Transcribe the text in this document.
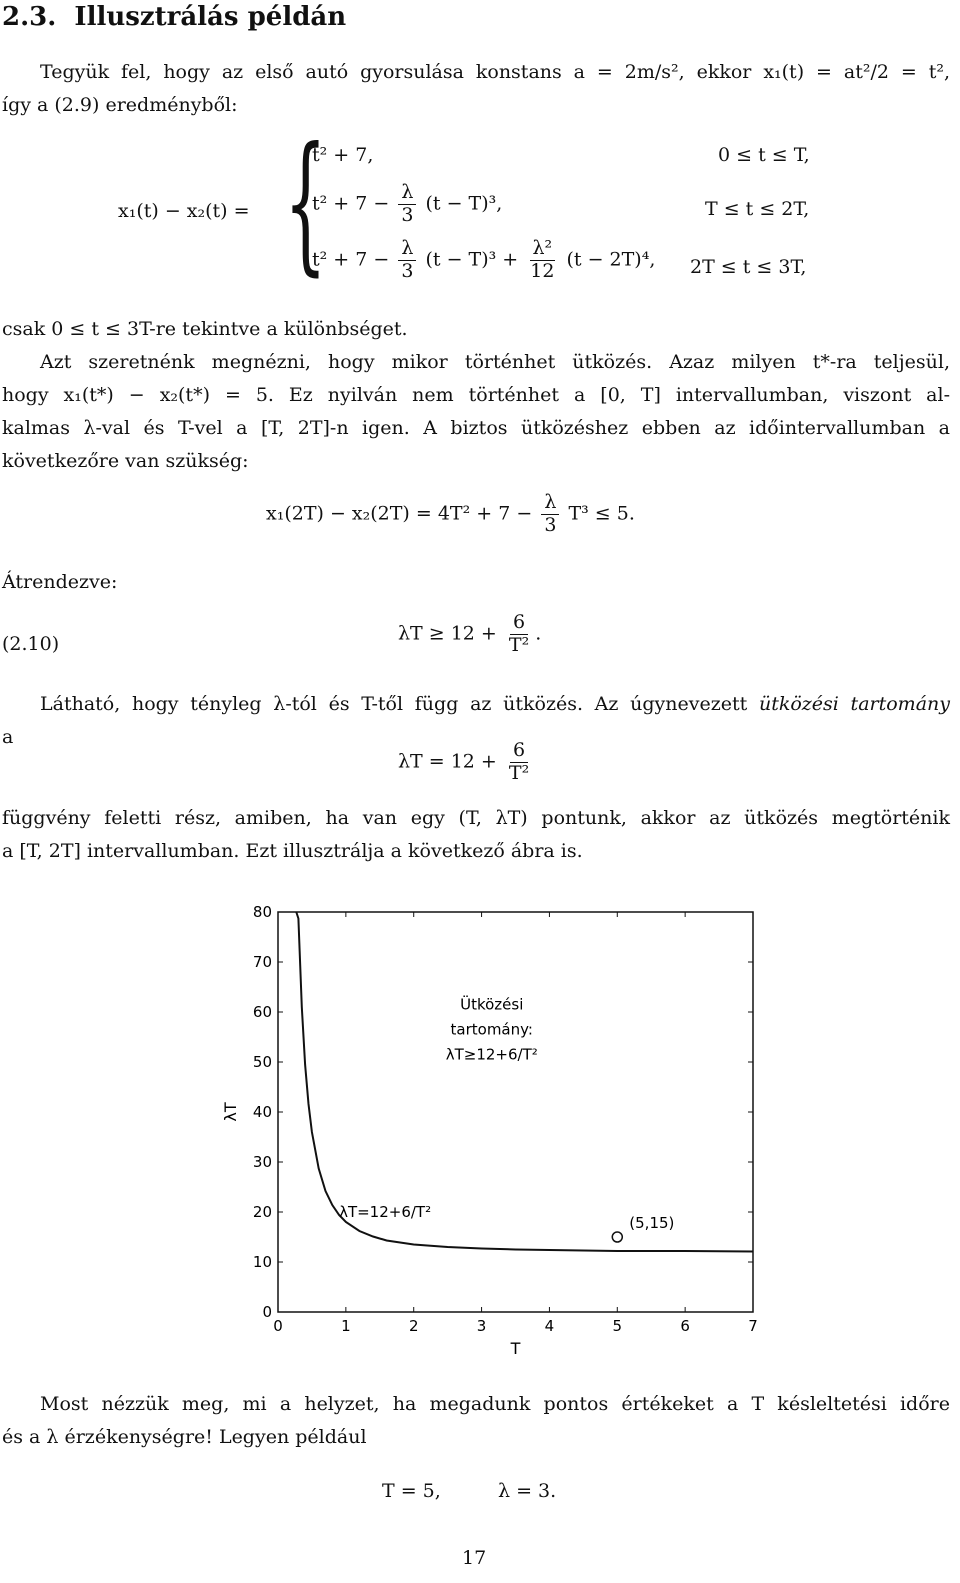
2.3. Illusztrálás példán
Tegyük fel, hogy az első autó gyorsulása konstans a = 2m/s², ekkor x₁(t) = at²/2 = t²,
így a (2.9) eredményből:
x₁(t) − x₂(t) = {
t² + 7,	0 ≤ t ≤ T,
$t^2 + 7 - \frac{\lambda}{3} (t - T)^3$,	T ≤ t ≤ 2T,
$t^2 + 7 - \frac{\lambda}{3} (t - T)^3 + \frac{\text{λ²}}{12} (t - 2T)^4$, 2T ≤ t ≤ 3T,
csak 0 ≤ t ≤ 3T-re tekintve a különbséget.
Azt szeretnénk megnézni, hogy mikor történhet ütközés. Azaz milyen t*-ra teljesül,
hogy x₁(t*) − x₂(t*) = 5. Ez nyilván nem történhet a [0, T] intervallumban, viszont al-
kalmas λ-val és T-vel a [T, 2T]-n igen. A biztos ütközéshez ebben az időintervallumban a
következőre van szükség:
$x_1(2T) - x_2(2T) = 4T^2 + 7 - \frac{\lambda}{3} T^3 \le 5$.
Átrendezve:
(2.10)	$\lambda T \ge 12 + \frac{6}{\text{T²}}$ .
Látható, hogy tényleg λ-tól és T-től függ az ütközés. Az úgynevezett ütközési tartomány
a
$\lambda T = 12 + \frac{6}{\text{T²}}$
függvény feletti rész, amiben, ha van egy (T, λT) pontunk, akkor az ütközés megtörténik
a [T, 2T] intervallumban. Ezt illusztrálja a következő ábra is.
0	1	2	3	4	5	6	7
0
10
20
30
40
50
60
70
80
(5,15)
Ütközési
tartomány:
λT≥12+6/T²
λT=12+6/T²
T
λT
Most nézzük meg, mi a helyzet, ha megadunk pontos értékeket a T késleltetési időre
és a λ érzékenységre! Legyen például
T = 5,	λ = 3.
17
